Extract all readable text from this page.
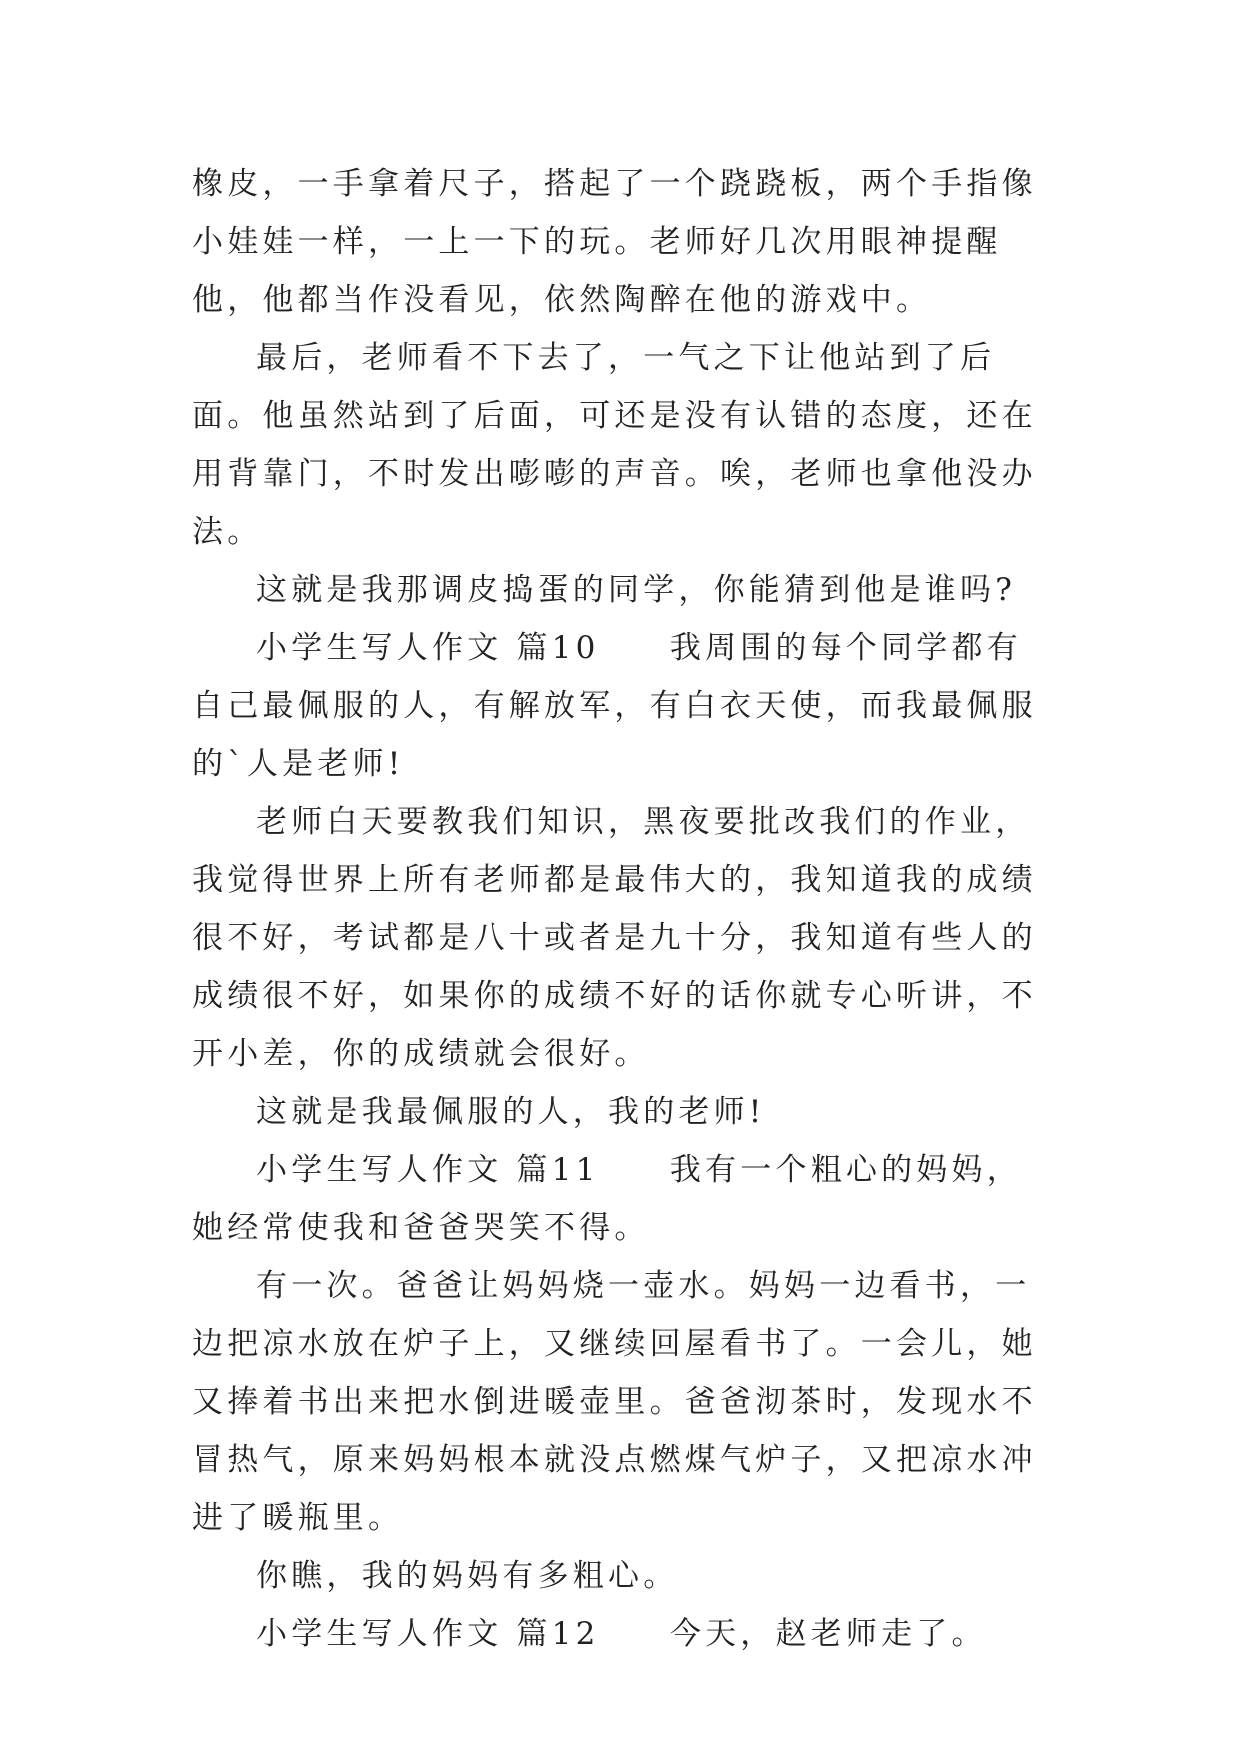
橡皮，一手拿着尺子，搭起了一个跷跷板，两个手指像小娃娃一样，一上一下的玩。老师好几次用眼神提醒他，他都当作没看见，依然陶醉在他的游戏中。

最后，老师看不下去了，一气之下让他站到了后面。他虽然站到了后面，可还是没有认错的态度，还在用背靠门，不时发出嘭嘭的声音。唉，老师也拿他没办法。

这就是我那调皮捣蛋的同学，你能猜到他是谁吗?

小学生写人作文 篇10　　我周围的每个同学都有自己最佩服的人，有解放军，有白衣天使，而我最佩服的`人是老师!

老师白天要教我们知识，黑夜要批改我们的作业，我觉得世界上所有老师都是最伟大的，我知道我的成绩很不好，考试都是八十或者是九十分，我知道有些人的成绩很不好，如果你的成绩不好的话你就专心听讲，不开小差，你的成绩就会很好。

这就是我最佩服的人，我的老师!

小学生写人作文 篇11　　我有一个粗心的妈妈，她经常使我和爸爸哭笑不得。

有一次。爸爸让妈妈烧一壶水。妈妈一边看书，一边把凉水放在炉子上，又继续回屋看书了。一会儿，她又捧着书出来把水倒进暖壶里。爸爸沏茶时，发现水不冒热气，原来妈妈根本就没点燃煤气炉子，又把凉水冲进了暖瓶里。

你瞧，我的妈妈有多粗心。

小学生写人作文 篇12　　今天，赵老师走了。
